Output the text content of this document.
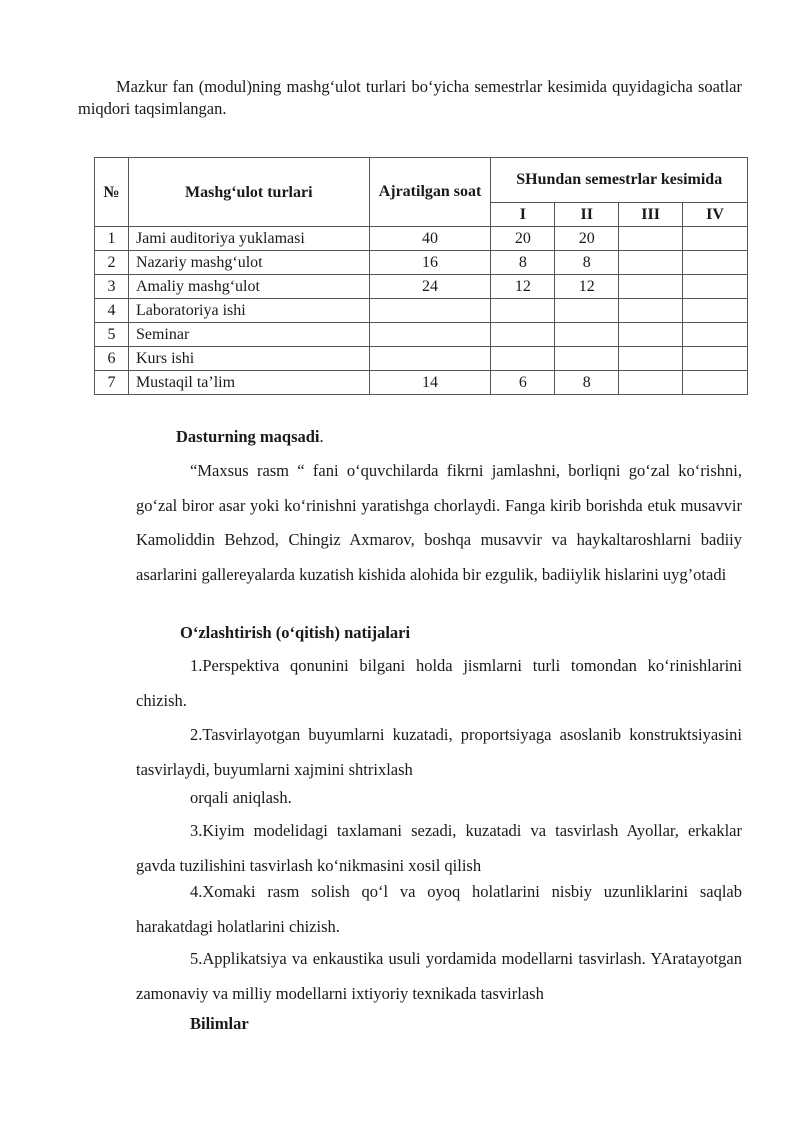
Mazkur fan (modul)ning mashg‘ulot turlari bo‘yicha semestrlar kesimida quyidagicha soatlar miqdori taqsimlangan.

№	Mashg‘ulot turlari	Ajratilgan soat	SHundan semestrlar kesimida			
			I	II	III	IV
1	Jami auditoriya yuklamasi	40	20	20		
2	Nazariy mashg‘ulot	16	8	8		
3	Amaliy mashg‘ulot	24	12	12		
4	Laboratoriya ishi					
5	Seminar					
6	Kurs ishi					
7	Mustaqil ta’lim	14	6	8		

Dasturning maqsadi.

“Maxsus rasm “ fani o‘quvchilarda fikrni jamlashni, borliqni go‘zal ko‘rishni, go‘zal biror asar yoki ko‘rinishni yaratishga chorlaydi. Fanga kirib borishda etuk musavvir Kamoliddin Behzod, Chingiz Axmarov, boshqa musavvir va haykaltaroshlarni badiiy asarlarini gallereyalarda kuzatish kishida alohida bir ezgulik, badiiylik hislarini uyg’otadi

O‘zlashtirish (o‘qitish) natijalari

1.Perspektiva qonunini bilgani holda jismlarni turli tomondan ko‘rinishlarini chizish.

2.Tasvirlayotgan buyumlarni kuzatadi, proportsiyaga asoslanib konstruktsiyasini tasvirlaydi, buyumlarni xajmini shtrixlash

orqali aniqlash.

3.Kiyim modelidagi taxlamani sezadi, kuzatadi va tasvirlash Ayollar, erkaklar gavda tuzilishini tasvirlash ko‘nikmasini xosil qilish

4.Xomaki rasm solish qo‘l va oyoq holatlarini nisbiy uzunliklarini saqlab harakatdagi holatlarini chizish.

5.Applikatsiya va enkaustika usuli yordamida modellarni tasvirlash. YAratayotgan zamonaviy va milliy modellarni ixtiyoriy texnikada tasvirlash

Bilimlar
